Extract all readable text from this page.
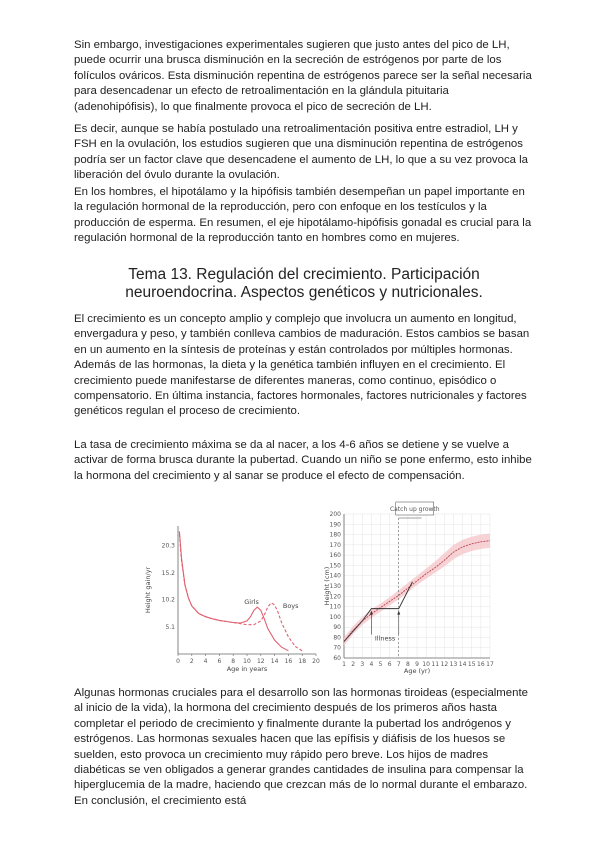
Sin embargo, investigaciones experimentales sugieren que justo antes del pico de LH, puede ocurrir una brusca disminución en la secreción de estrógenos por parte de los folículos ováricos. Esta disminución repentina de estrógenos parece ser la señal necesaria para desencadenar un efecto de retroalimentación en la glándula pituitaria (adenohipófisis), lo que finalmente provoca el pico de secreción de LH.

Es decir, aunque se había postulado una retroalimentación positiva entre estradiol, LH y FSH en la ovulación, los estudios sugieren que una disminución repentina de estrógenos podría ser un factor clave que desencadene el aumento de LH, lo que a su vez provoca la liberación del óvulo durante la ovulación.

En los hombres, el hipotálamo y la hipófisis también desempeñan un papel importante en la regulación hormonal de la reproducción, pero con enfoque en los testículos y la producción de esperma. En resumen, el eje hipotálamo-hipófisis gonadal es crucial para la regulación hormonal de la reproducción tanto en hombres como en mujeres.

Tema 13. Regulación del crecimiento. Participación neuroendocrina. Aspectos genéticos y nutricionales.

El crecimiento es un concepto amplio y complejo que involucra un aumento en longitud, envergadura y peso, y también conlleva cambios de maduración. Estos cambios se basan en un aumento en la síntesis de proteínas y están controlados por múltiples hormonas. Además de las hormonas, la dieta y la genética también influyen en el crecimiento. El crecimiento puede manifestarse de diferentes maneras, como continuo, episódico o compensatorio. En última instancia, factores hormonales, factores nutricionales y factores genéticos regulan el proceso de crecimiento.

La tasa de crecimiento máxima se da al nacer, a los 4-6 años se detiene y se vuelve a activar de forma brusca durante la pubertad. Cuando un niño se pone enfermo, esto inhibe la hormona del crecimiento y al sanar se produce el efecto de compensación.

Algunas hormonas cruciales para el desarrollo son las hormonas tiroideas (especialmente al inicio de la vida), la hormona del crecimiento después de los primeros años hasta completar el periodo de crecimiento y finalmente durante la pubertad los andrógenos y estrógenos. Las hormonas sexuales hacen que las epífisis y diáfisis de los huesos se suelden, esto provoca un crecimiento muy rápido pero breve. Los hijos de madres diabéticas se ven obligados a generar grandes cantidades de insulina para compensar la hiperglucemia de la madre, haciendo que crezcan más de lo normal durante el embarazo. En conclusión, el crecimiento está

0 2 4 6 8 10 12 14 16 18 20
20.3
15.2
10.2
5.1
Age in years
Height gain/yr	Girls
Boys
60
70
80
90
100
110
120
130
140
150
160
170
180
190
200
1 2 3 4 5 6 7 8 9 10 11 12 13 14 15 16 17
Age (yr)
Height (cm)
Illness
Catch up growth
